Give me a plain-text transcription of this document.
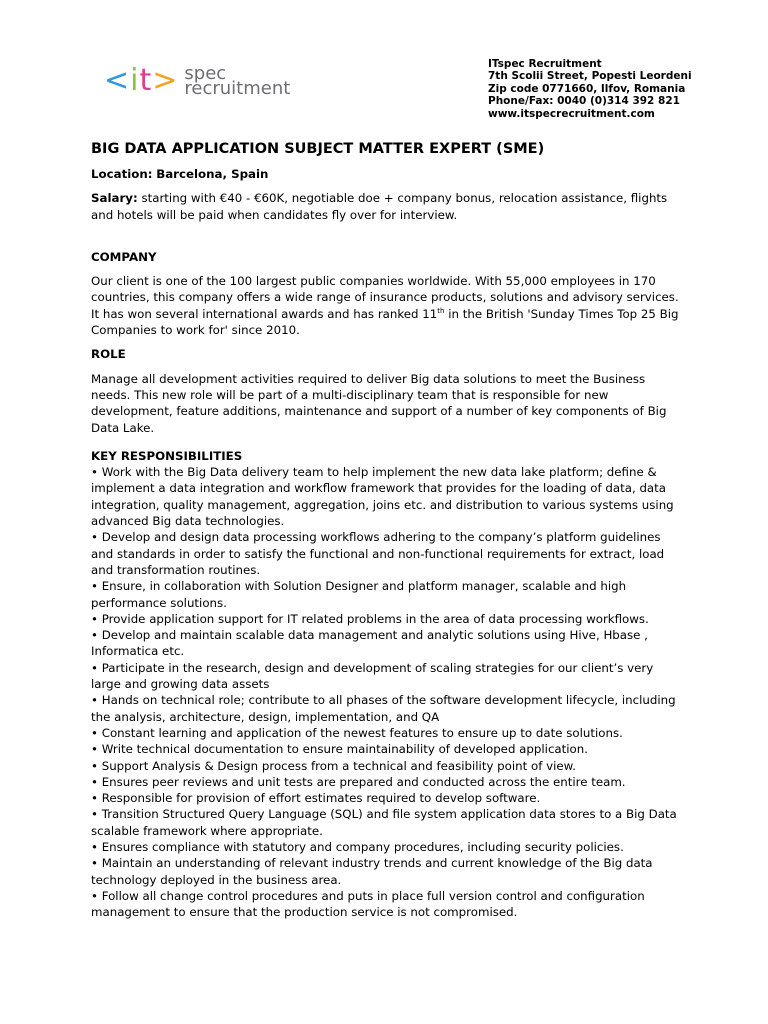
<it> spec
recruitment
ITspec Recruitment
7th Scolii Street, Popesti Leordeni
Zip code 0771660, Ilfov, Romania
Phone/Fax: 0040 (0)314 392 821
www.itspecrecruitment.com
BIG DATA APPLICATION SUBJECT MATTER EXPERT (SME)

Location: Barcelona, Spain

Salary: starting with €40 - €60K, negotiable doe + company bonus, relocation assistance, flights and hotels will be paid when candidates fly over for interview.

COMPANY

Our client is one of the 100 largest public companies worldwide. With 55,000 employees in 170 countries, this company offers a wide range of insurance products, solutions and advisory services. It has won several international awards and has ranked 11th in the British 'Sunday Times Top 25 Big Companies to work for' since 2010.

ROLE

Manage all development activities required to deliver Big data solutions to meet the Business needs. This new role will be part of a multi-disciplinary team that is responsible for new development, feature additions, maintenance and support of a number of key components of Big Data Lake.

KEY RESPONSIBILITIES

• Work with the Big Data delivery team to help implement the new data lake platform; define & implement a data integration and workflow framework that provides for the loading of data, data integration, quality management, aggregation, joins etc. and distribution to various systems using advanced Big data technologies.
• Develop and design data processing workflows adhering to the company’s platform guidelines and standards in order to satisfy the functional and non-functional requirements for extract, load and transformation routines.
• Ensure, in collaboration with Solution Designer and platform manager, scalable and high performance solutions.
• Provide application support for IT related problems in the area of data processing workflows.
• Develop and maintain scalable data management and analytic solutions using Hive, Hbase , Informatica etc.
• Participate in the research, design and development of scaling strategies for our client’s very large and growing data assets
• Hands on technical role; contribute to all phases of the software development lifecycle, including the analysis, architecture, design, implementation, and QA
• Constant learning and application of the newest features to ensure up to date solutions.
• Write technical documentation to ensure maintainability of developed application.
• Support Analysis & Design process from a technical and feasibility point of view.
• Ensures peer reviews and unit tests are prepared and conducted across the entire team.
• Responsible for provision of effort estimates required to develop software.
• Transition Structured Query Language (SQL) and file system application data stores to a Big Data scalable framework where appropriate.
• Ensures compliance with statutory and company procedures, including security policies.
• Maintain an understanding of relevant industry trends and current knowledge of the Big data technology deployed in the business area.
• Follow all change control procedures and puts in place full version control and configuration management to ensure that the production service is not compromised.
